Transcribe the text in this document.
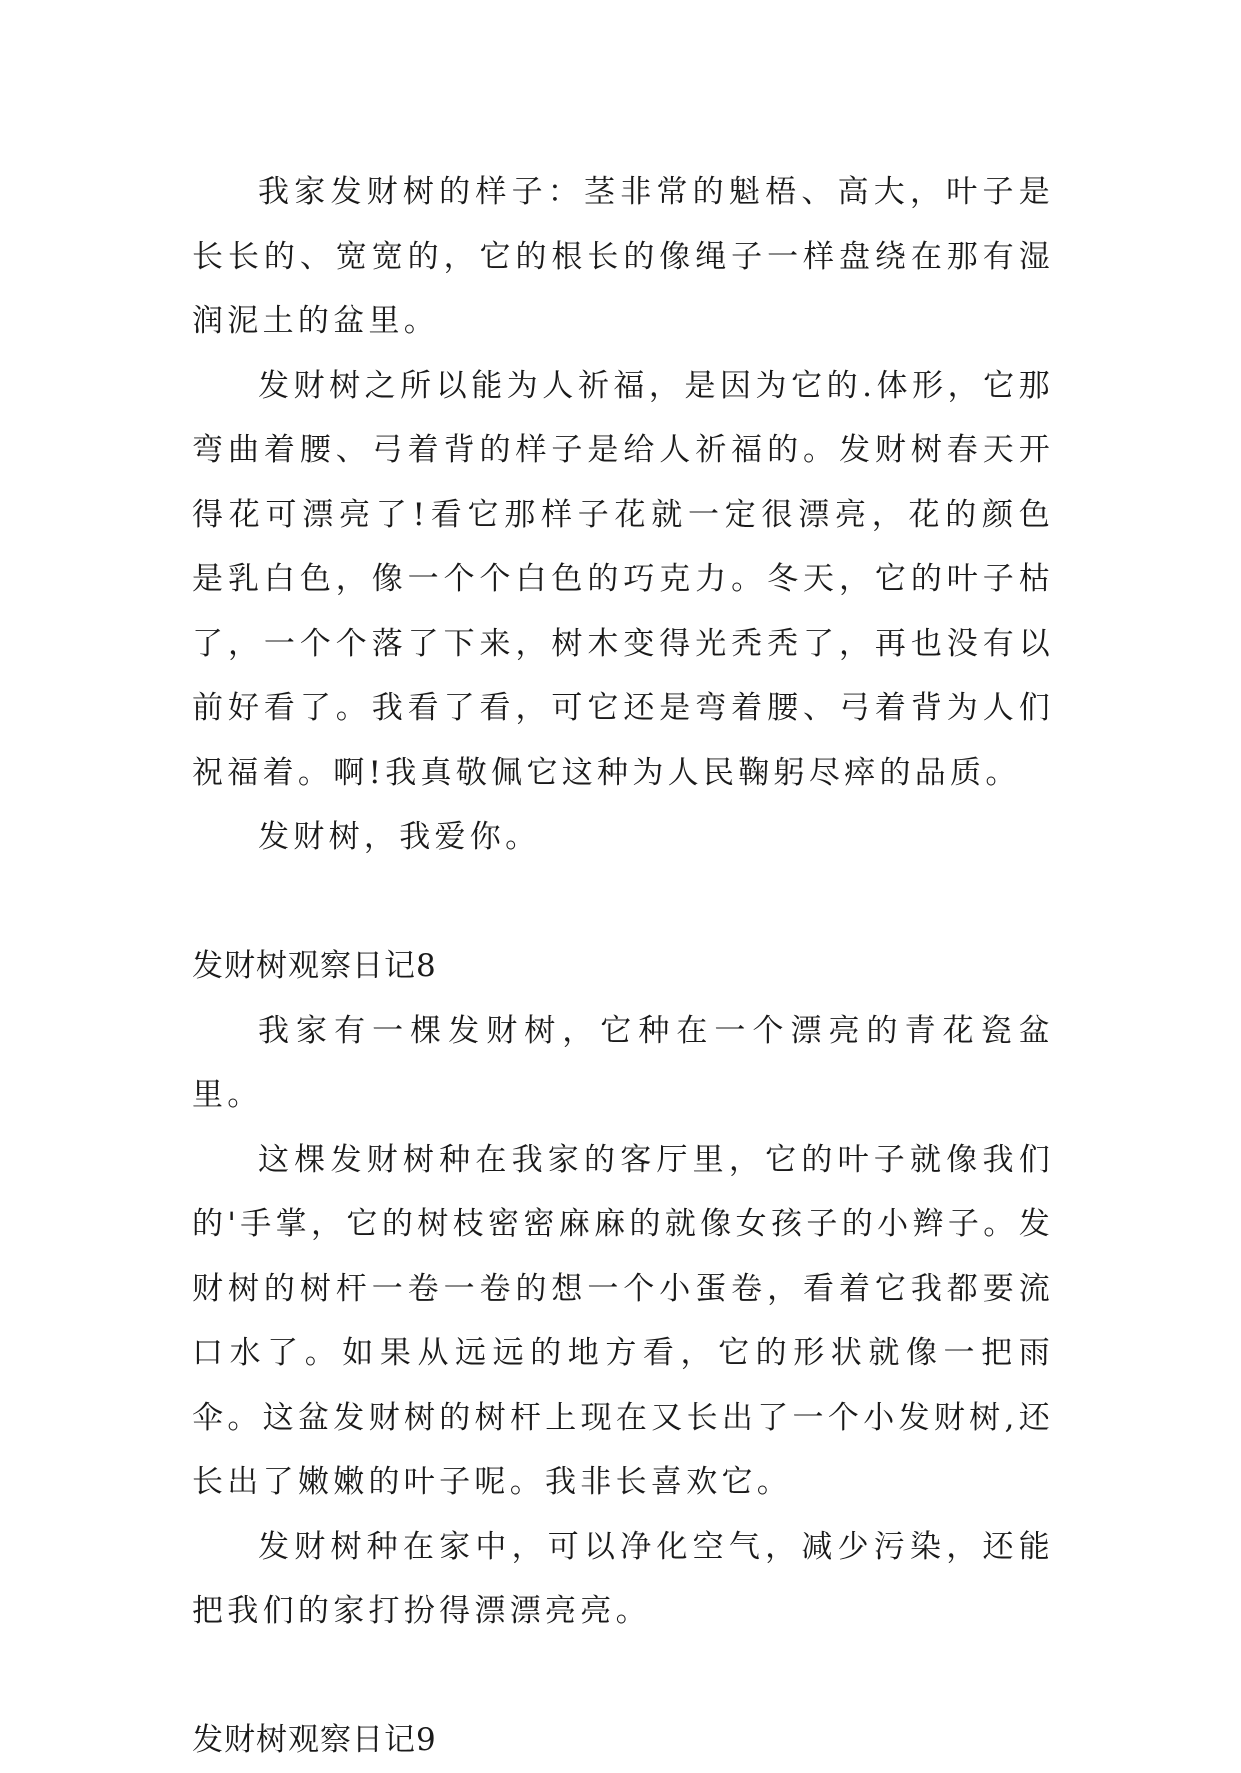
我家发财树的样子：茎非常的魁梧、高大，叶子是长长的、宽宽的，它的根长的像绳子一样盘绕在那有湿润泥土的盆里。

发财树之所以能为人祈福，是因为它的.体形，它那弯曲着腰、弓着背的样子是给人祈福的。发财树春天开得花可漂亮了!看它那样子花就一定很漂亮，花的颜色是乳白色，像一个个白色的巧克力。冬天，它的叶子枯了，一个个落了下来，树木变得光秃秃了，再也没有以前好看了。我看了看，可它还是弯着腰、弓着背为人们祝福着。啊!我真敬佩它这种为人民鞠躬尽瘁的品质。

发财树，我爱你。

发财树观察日记8

我家有一棵发财树，它种在一个漂亮的青花瓷盆里。

这棵发财树种在我家的客厅里，它的叶子就像我们的'手掌，它的树枝密密麻麻的就像女孩子的小辫子。发财树的树杆一卷一卷的想一个小蛋卷，看着它我都要流口水了。如果从远远的地方看，它的形状就像一把雨伞。这盆发财树的树杆上现在又长出了一个小发财树,还长出了嫩嫩的叶子呢。我非长喜欢它。

发财树种在家中，可以净化空气，减少污染，还能把我们的家打扮得漂漂亮亮。

发财树观察日记9
